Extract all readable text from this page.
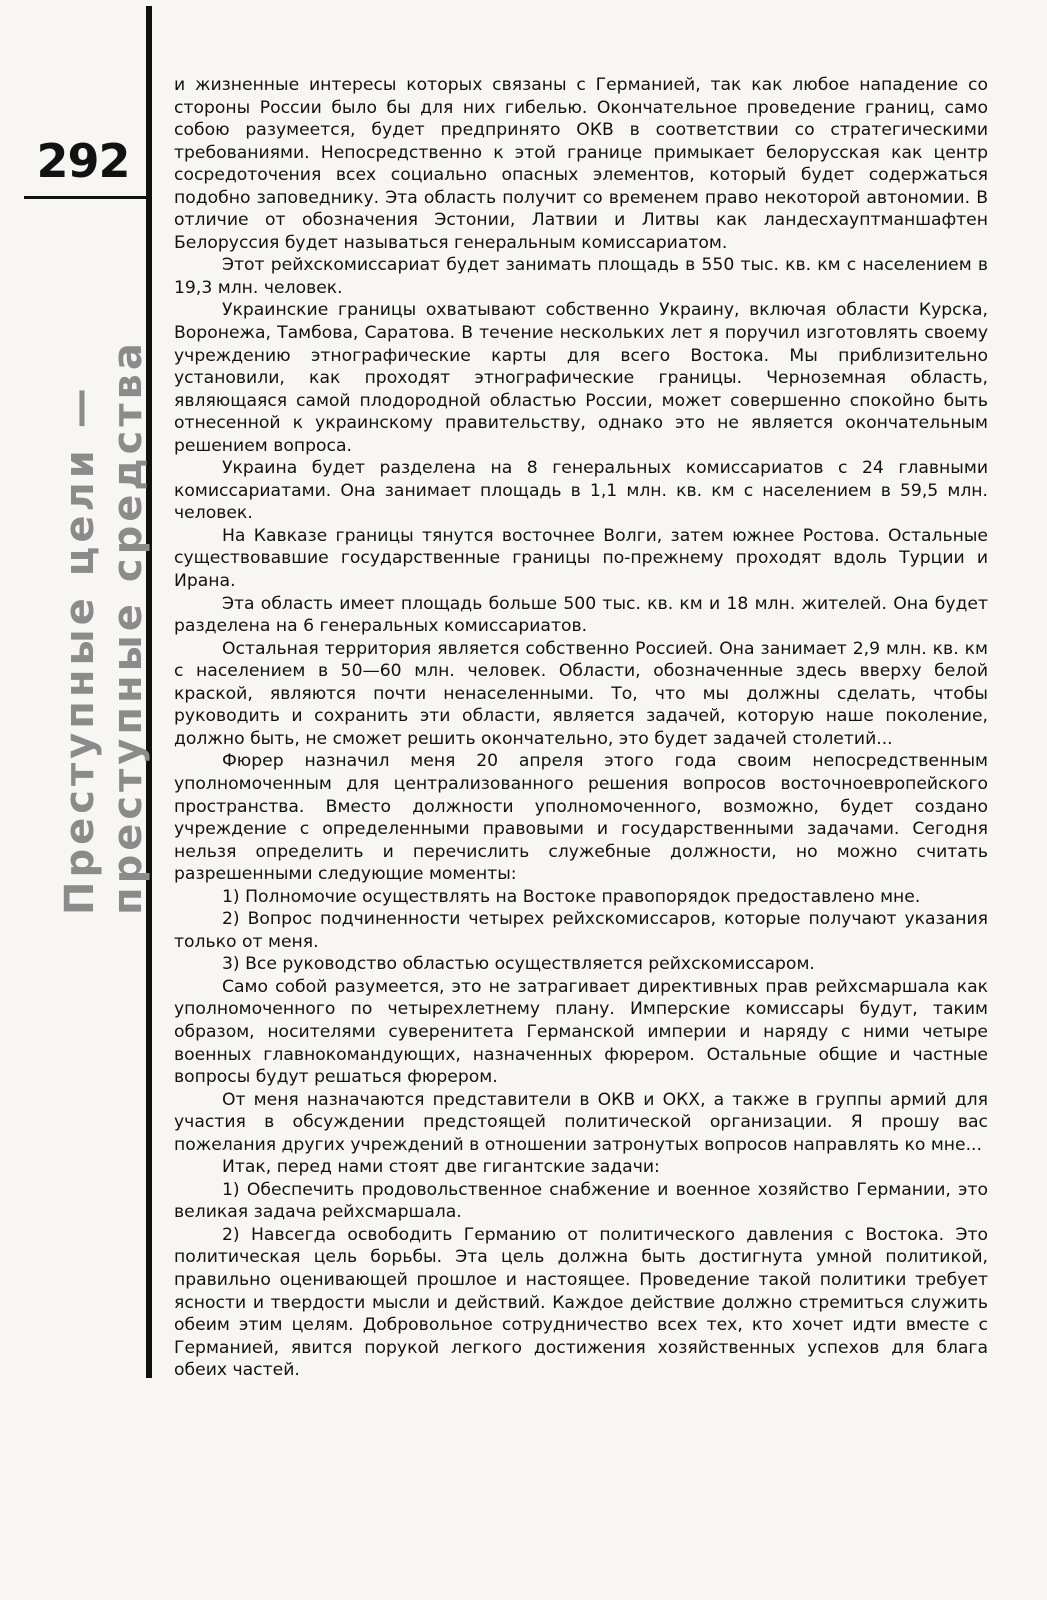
292
Преступные цели — преступные средства

и жизненные интересы которых связаны с Германией, так как любое нападение со стороны России было бы для них гибелью. Окончательное проведение границ, само собою разумеется, будет предпринято ОКВ в соответствии со стратегическими требованиями. Непосредственно к этой границе примыкает белорусская как центр сосредоточения всех социально опасных элементов, который будет содержаться подобно заповеднику. Эта область получит со временем право некоторой автономии. В отличие от обозначения Эстонии, Латвии и Литвы как ландесхауптманшафтен Белоруссия будет называться генеральным комиссариатом.

Этот рейхскомиссариат будет занимать площадь в 550 тыс. кв. км с населением в 19,3 млн. человек.

Украинские границы охватывают собственно Украину, включая области Курска, Воронежа, Тамбова, Саратова. В течение нескольких лет я поручил изготовлять своему учреждению этнографические карты для всего Востока. Мы приблизительно установили, как проходят этнографические границы. Черноземная область, являющаяся самой плодородной областью России, может совершенно спокойно быть отнесенной к украинскому правительству, однако это не является окончательным решением вопроса.

Украина будет разделена на 8 генеральных комиссариатов с 24 главными комиссариатами. Она занимает площадь в 1,1 млн. кв. км с населением в 59,5 млн. человек.

На Кавказе границы тянутся восточнее Волги, затем южнее Ростова. Остальные существовавшие государственные границы по-прежнему проходят вдоль Турции и Ирана.

Эта область имеет площадь больше 500 тыс. кв. км и 18 млн. жителей. Она будет разделена на 6 генеральных комиссариатов.

Остальная территория является собственно Россией. Она занимает 2,9 млн. кв. км с населением в 50—60 млн. человек. Области, обозначенные здесь вверху белой краской, являются почти ненаселенными. То, что мы должны сделать, чтобы руководить и сохранить эти области, является задачей, которую наше поколение, должно быть, не сможет решить окончательно, это будет задачей столетий...

Фюрер назначил меня 20 апреля этого года своим непосредственным уполномоченным для централизованного решения вопросов восточноевропейского пространства. Вместо должности уполномоченного, возможно, будет создано учреждение с определенными правовыми и государственными задачами. Сегодня нельзя определить и перечислить служебные должности, но можно считать разрешенными следующие моменты:

1) Полномочие осуществлять на Востоке правопорядок предоставлено мне.

2) Вопрос подчиненности четырех рейхскомиссаров, которые получают указания только от меня.

3) Все руководство областью осуществляется рейхскомиссаром.

Само собой разумеется, это не затрагивает директивных прав рейхсмаршала как уполномоченного по четырехлетнему плану. Имперские комиссары будут, таким образом, носителями суверенитета Германской империи и наряду с ними четыре военных главнокомандующих, назначенных фюрером. Остальные общие и частные вопросы будут решаться фюрером.

От меня назначаются представители в ОКВ и ОКХ, а также в группы армий для участия в обсуждении предстоящей политической организации. Я прошу вас пожелания других учреждений в отношении затронутых вопросов направлять ко мне...

Итак, перед нами стоят две гигантские задачи:

1) Обеспечить продовольственное снабжение и военное хозяйство Германии, это великая задача рейхсмаршала.

2) Навсегда освободить Германию от политического давления с Востока. Это политическая цель борьбы. Эта цель должна быть достигнута умной политикой, правильно оценивающей прошлое и настоящее. Проведение такой политики требует ясности и твердости мысли и действий. Каждое действие должно стремиться служить обеим этим целям. Добровольное сотрудничество всех тех, кто хочет идти вместе с Германией, явится порукой легкого достижения хозяйственных успехов для блага обеих частей.
